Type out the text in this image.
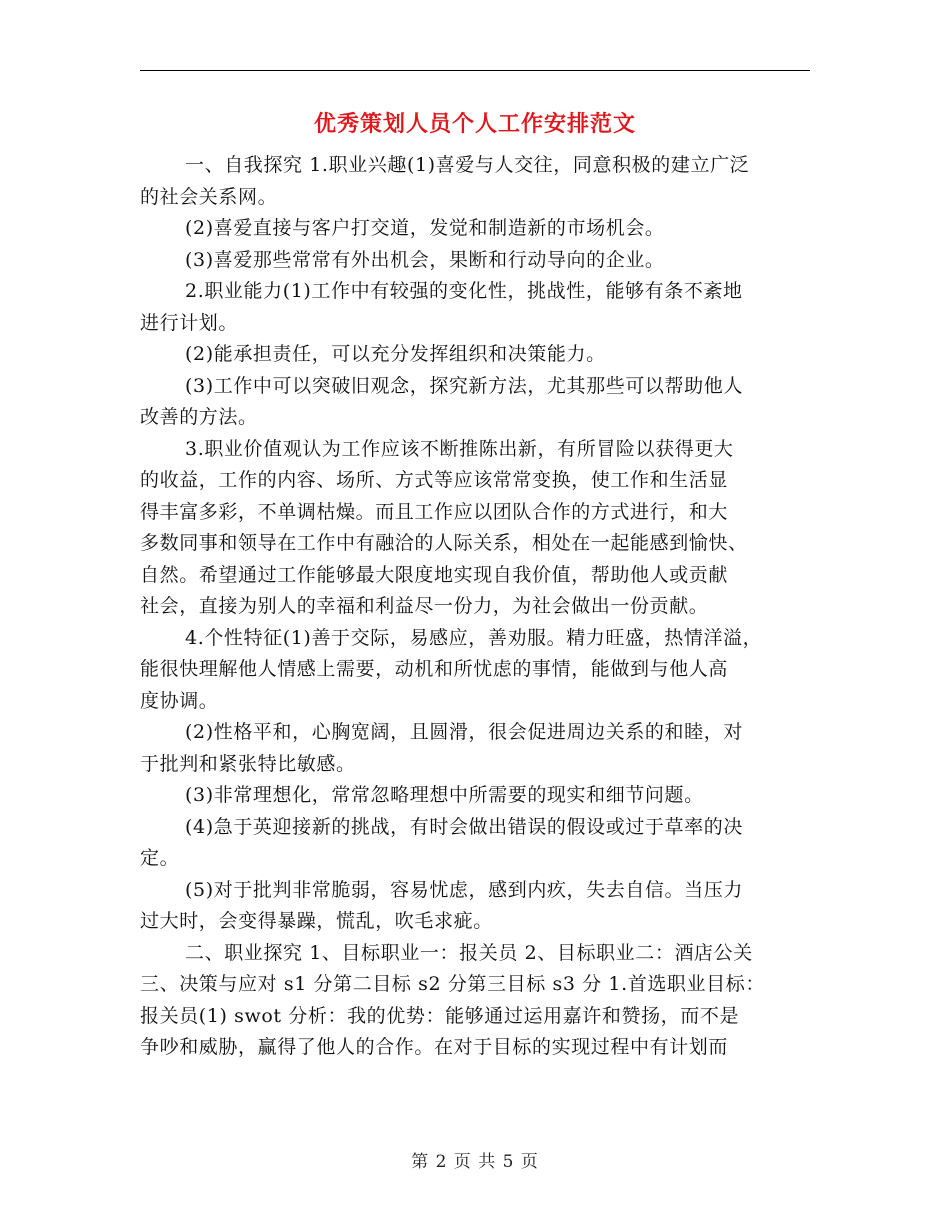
优秀策划人员个人工作安排范文
一、自我探究 1.职业兴趣(1)喜爱与人交往，同意积极的建立广泛
的社会关系网。
(2)喜爱直接与客户打交道，发觉和制造新的市场机会。
(3)喜爱那些常常有外出机会，果断和行动导向的企业。
2.职业能力(1)工作中有较强的变化性，挑战性，能够有条不紊地
进行计划。
(2)能承担责任，可以充分发挥组织和决策能力。
(3)工作中可以突破旧观念，探究新方法，尤其那些可以帮助他人
改善的方法。
3.职业价值观认为工作应该不断推陈出新，有所冒险以获得更大
的收益，工作的内容、场所、方式等应该常常变换，使工作和生活显
得丰富多彩，不单调枯燥。而且工作应以团队合作的方式进行，和大
多数同事和领导在工作中有融洽的人际关系，相处在一起能感到愉快、
自然。希望通过工作能够最大限度地实现自我价值，帮助他人或贡献
社会，直接为别人的幸福和利益尽一份力，为社会做出一份贡献。
4.个性特征(1)善于交际，易感应，善劝服。精力旺盛，热情洋溢，
能很快理解他人情感上需要，动机和所忧虑的事情，能做到与他人高
度协调。
(2)性格平和，心胸宽阔，且圆滑，很会促进周边关系的和睦，对
于批判和紧张特比敏感。
(3)非常理想化，常常忽略理想中所需要的现实和细节问题。
(4)急于英迎接新的挑战，有时会做出错误的假设或过于草率的决
定。
(5)对于批判非常脆弱，容易忧虑，感到内疚，失去自信。当压力
过大时，会变得暴躁，慌乱，吹毛求疵。
二、职业探究 1、目标职业一：报关员 2、目标职业二：酒店公关
三、决策与应对 s1 分第二目标 s2 分第三目标 s3 分 1.首选职业目标：
报关员(1) swot 分析：我的优势：能够通过运用嘉许和赞扬，而不是
争吵和威胁，赢得了他人的合作。在对于目标的实现过程中有计划而
第 2 页 共 5 页
